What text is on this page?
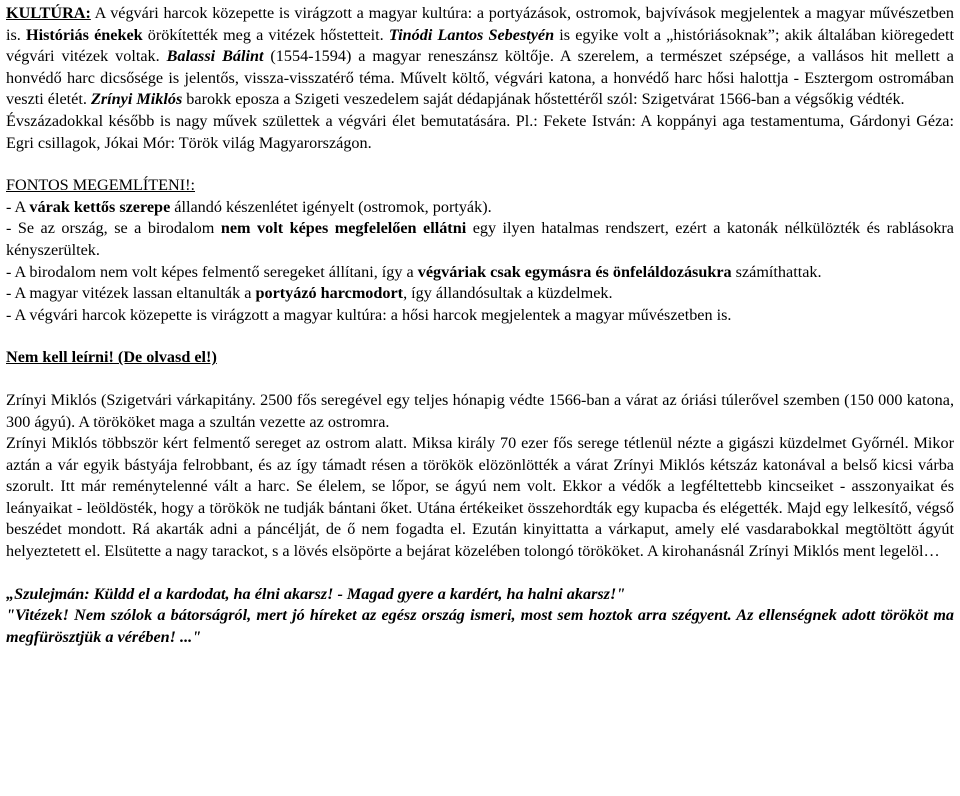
KULTÚRA: A végvári harcok közepette is virágzott a magyar kultúra: a portyázások, ostromok, bajvívások megjelentek a magyar művészetben is. Históriás énekek örökítették meg a vitézek hőstetteit. Tinódi Lantos Sebestyén is egyike volt a „históriásoknak”; akik általában kiöregedett végvári vitézek voltak. Balassi Bálint (1554-1594) a magyar reneszánsz költője. A szerelem, a természet szépsége, a vallásos hit mellett a honvédő harc dicsősége is jelentős, vissza-visszatérő téma. Művelt költő, végvári katona, a honvédő harc hősi halottja - Esztergom ostromában veszti életét. Zrínyi Miklós barokk eposza a Szigeti veszedelem saját dédapjának hőstettéről szól: Szigetvárat 1566-ban a végsőkig védték.

Évszázadokkal később is nagy művek születtek a végvári élet bemutatására. Pl.: Fekete István: A koppányi aga testamentuma, Gárdonyi Géza: Egri csillagok, Jókai Mór: Török világ Magyarországon.

FONTOS MEGEMLÍTENI!:

- A várak kettős szerepe állandó készenlétet igényelt (ostromok, portyák).

- Se az ország, se a birodalom nem volt képes megfelelően ellátni egy ilyen hatalmas rendszert, ezért a katonák nélkülözték és rablásokra kényszerültek.

- A birodalom nem volt képes felmentő seregeket állítani, így a végváriak csak egymásra és önfeláldozásukra számíthattak.

- A magyar vitézek lassan eltanulták a portyázó harcmodort, így állandósultak a küzdelmek.

- A végvári harcok közepette is virágzott a magyar kultúra: a hősi harcok megjelentek a magyar művészetben is.

Nem kell leírni! (De olvasd el!)

Zrínyi Miklós (Szigetvári várkapitány. 2500 fős seregével egy teljes hónapig védte 1566-ban a várat az óriási túlerővel szemben (150 000 katona, 300 ágyú). A törököket maga a szultán vezette az ostromra.

Zrínyi Miklós többször kért felmentő sereget az ostrom alatt. Miksa király 70 ezer fős serege tétlenül nézte a gigászi küzdelmet Győrnél. Mikor aztán a vár egyik bástyája felrobbant, és az így támadt résen a törökök elözönlötték a várat Zrínyi Miklós kétszáz katonával a belső kicsi várba szorult. Itt már reménytelenné vált a harc. Se élelem, se lőpor, se ágyú nem volt. Ekkor a védők a legféltettebb kincseiket - asszonyaikat és leányaikat - leöldösték, hogy a törökök ne tudják bántani őket. Utána értékeiket összehordták egy kupacba és elégették. Majd egy lelkesítő, végső beszédet mondott. Rá akarták adni a páncélját, de ő nem fogadta el. Ezután kinyittatta a várkaput, amely elé vasdarabokkal megtöltött ágyút helyeztetett el. Elsütette a nagy tarackot, s a lövés elsöpörte a bejárat közelében tolongó törököket. A kirohanásnál Zrínyi Miklós ment legelöl…

„Szulejmán: Küldd el a kardodat, ha élni akarsz! - Magad gyere a kardért, ha halni akarsz!"

"Vitézek! Nem szólok a bátorságról, mert jó híreket az egész ország ismeri, most sem hoztok arra szégyent. Az ellenségnek adott törököt ma megfürösztjük a vérében! ..."
